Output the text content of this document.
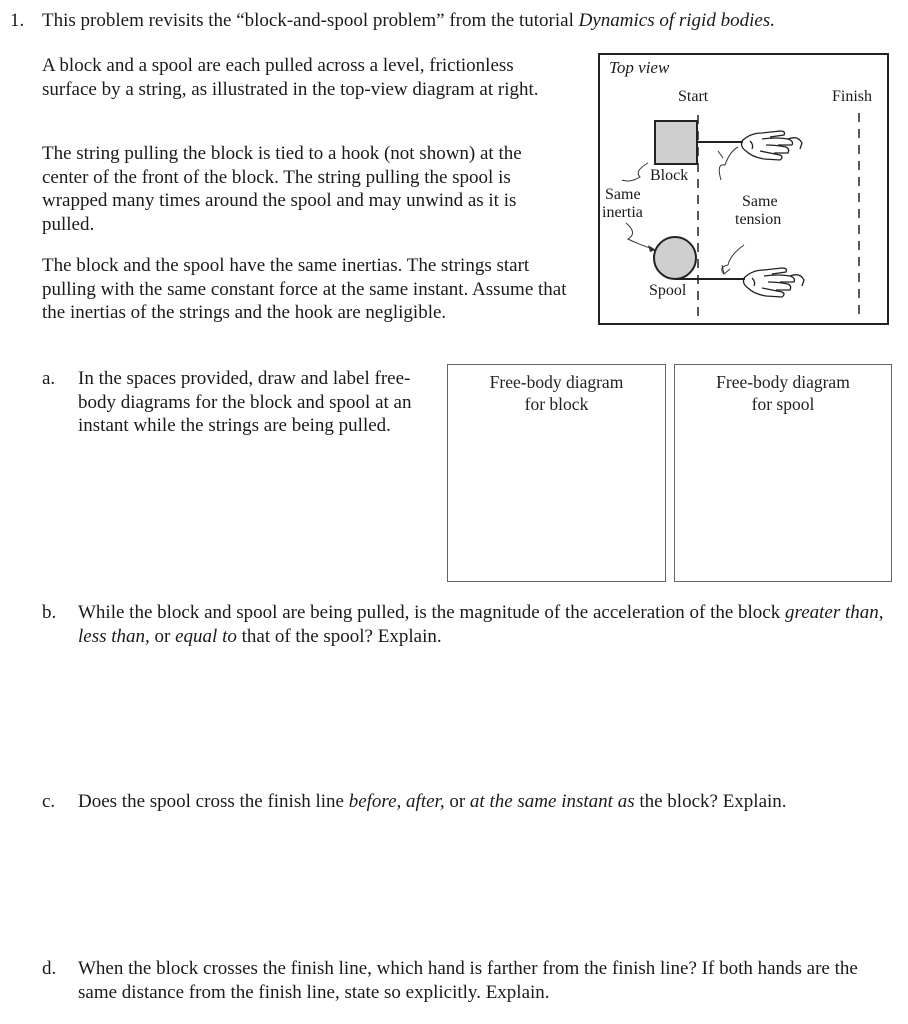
1. This problem revisits the “block-and-spool problem” from the tutorial Dynamics of rigid bodies.

A block and a spool are each pulled across a level, frictionless surface by a string, as illustrated in the top-view diagram at right.

The string pulling the block is tied to a hook (not shown) at the center of the front of the block. The string pulling the spool is wrapped many times around the spool and may unwind as it is pulled.

The block and the spool have the same inertias. The strings start pulling with the same constant force at the same instant. Assume that the inertias of the strings and the hook are negligible.

Top view
Start	Finish
Block
Same
inertia
Same
tension
Spool
a. In the spaces provided, draw and label free-body diagrams for the block and spool at an instant while the strings are being pulled.

Free-body diagram
for block
Free-body diagram
for spool
b. While the block and spool are being pulled, is the magnitude of the acceleration of the block greater than, less than, or equal to that of the spool? Explain.

c. Does the spool cross the finish line before, after, or at the same instant as the block? Explain.

d. When the block crosses the finish line, which hand is farther from the finish line? If both hands are the same distance from the finish line, state so explicitly. Explain.
